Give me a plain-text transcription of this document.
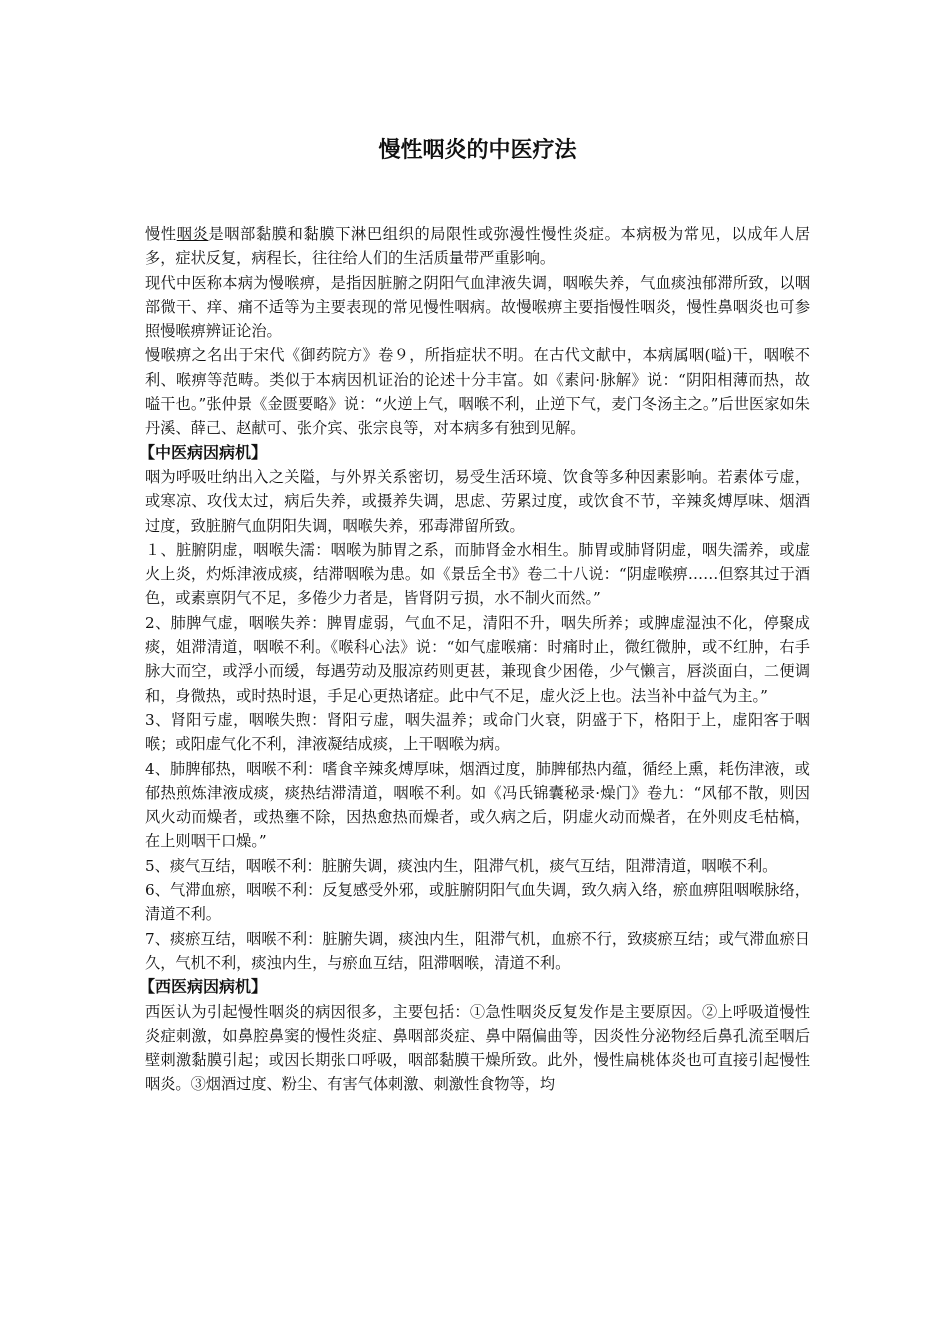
慢性咽炎的中医疗法

慢性咽炎是咽部黏膜和黏膜下淋巴组织的局限性或弥漫性慢性炎症。本病极为常见，以成年人居多，症状反复，病程长，往往给人们的生活质量带严重影响。

现代中医称本病为慢喉痹，是指因脏腑之阴阳气血津液失调，咽喉失养，气血痰浊郁滞所致，以咽部微干、痒、痛不适等为主要表现的常见慢性咽病。故慢喉痹主要指慢性咽炎，慢性鼻咽炎也可参照慢喉痹辨证论治。

慢喉痹之名出于宋代《御药院方》卷９，所指症状不明。在古代文献中，本病属咽(嗌)干，咽喉不利、喉痹等范畴。类似于本病因机证治的论述十分丰富。如《素问·脉解》说：“阴阳相薄而热，故嗌干也。”张仲景《金匮要略》说：“火逆上气，咽喉不利，止逆下气，麦门冬汤主之。”后世医家如朱丹溪、薛己、赵献可、张介宾、张宗良等，对本病多有独到见解。

【中医病因病机】

咽为呼吸吐纳出入之关隘，与外界关系密切，易受生活环境、饮食等多种因素影响。若素体亏虚，或寒凉、攻伐太过，病后失养，或摄养失调，思虑、劳累过度，或饮食不节，辛辣炙煿厚味、烟酒过度，致脏腑气血阴阳失调，咽喉失养，邪毒滞留所致。

１、脏腑阴虚，咽喉失濡：咽喉为肺胃之系，而肺肾金水相生。肺胃或肺肾阴虚，咽失濡养，或虚火上炎，灼烁津液成痰，结滞咽喉为患。如《景岳全书》卷二十八说：“阴虚喉痹……但察其过于酒色，或素禀阴气不足，多倦少力者是，皆肾阴亏损，水不制火而然。”

2、肺脾气虚，咽喉失养：脾胃虚弱，气血不足，清阳不升，咽失所养；或脾虚湿浊不化，停聚成痰，姐滞清道，咽喉不利。《喉科心法》说：“如气虚喉痛：时痛时止，微红微肿，或不红肿，右手脉大而空，或浮小而缓，每遇劳动及服凉药则更甚，兼现食少困倦，少气懒言，唇淡面白，二便调和，身微热，或时热时退，手足心更热诸症。此中气不足，虚火泛上也。法当补中益气为主。”

3、肾阳亏虚，咽喉失煦：肾阳亏虚，咽失温养；或命门火衰，阴盛于下，格阳于上，虚阳客于咽喉；或阳虚气化不利，津液凝结成痰，上干咽喉为病。

4、肺脾郁热，咽喉不利：嗜食辛辣炙煿厚味，烟酒过度，肺脾郁热内蕴，循经上熏，耗伤津液，或郁热煎炼津液成痰，痰热结滞清道，咽喉不利。如《冯氏锦囊秘录·燥门》卷九：“风郁不散，则因风火动而燥者，或热壅不除，因热愈热而燥者，或久病之后，阴虚火动而燥者，在外则皮毛枯槁，在上则咽干口燥。”

5、痰气互结，咽喉不利：脏腑失调，痰浊内生，阻滞气机，痰气互结，阻滞清道，咽喉不利。

6、气滞血瘀，咽喉不利：反复感受外邪，或脏腑阴阳气血失调，致久病入络，瘀血痹阻咽喉脉络，清道不利。

7、痰瘀互结，咽喉不利：脏腑失调，痰浊内生，阻滞气机，血瘀不行，致痰瘀互结；或气滞血瘀日久，气机不利，痰浊内生，与瘀血互结，阻滞咽喉，清道不利。

【西医病因病机】

西医认为引起慢性咽炎的病因很多，主要包括：①急性咽炎反复发作是主要原因。②上呼吸道慢性炎症刺激，如鼻腔鼻窦的慢性炎症、鼻咽部炎症、鼻中隔偏曲等，因炎性分泌物经后鼻孔流至咽后壁刺激黏膜引起；或因长期张口呼吸，咽部黏膜干燥所致。此外，慢性扁桃体炎也可直接引起慢性咽炎。③烟酒过度、粉尘、有害气体刺激、刺激性食物等，均
